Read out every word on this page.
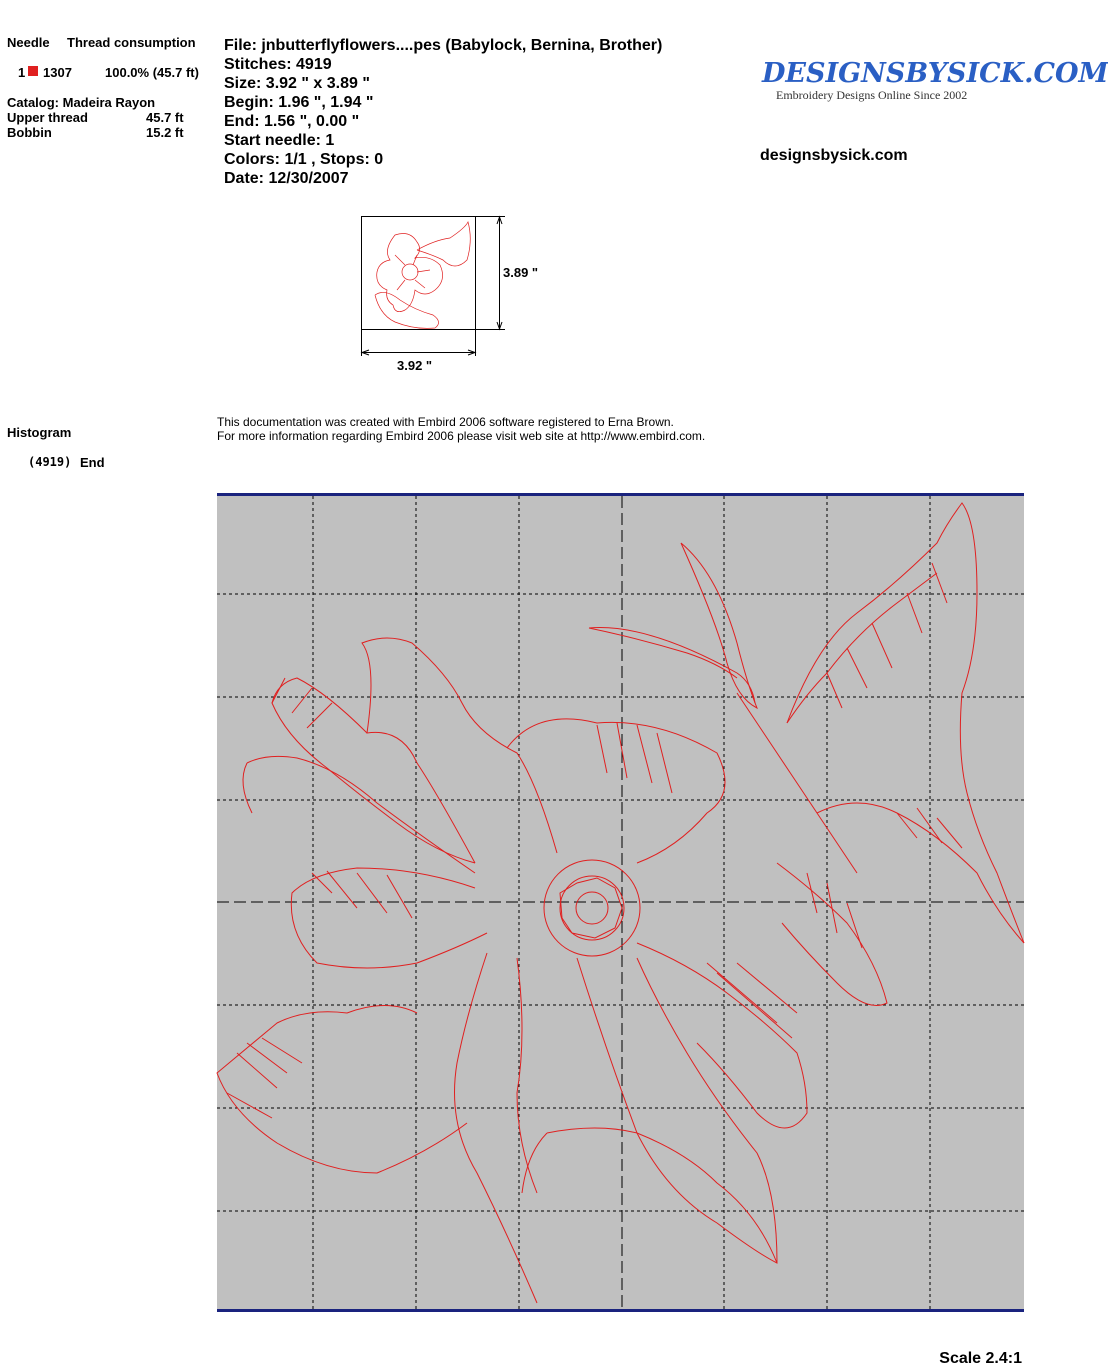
Needle Thread consumption
1 1307	100.0% (45.7 ft)
Catalog: Madeira Rayon
Upper thread	45.7 ft
Bobbin	15.2 ft
File: jnbutterflyflowers....pes (Babylock, Bernina, Brother)
Stitches: 4919
Size: 3.92 " x 3.89 "
Begin: 1.96 ", 1.94 "
End: 1.56 ", 0.00 "
Start needle: 1
Colors: 1/1 , Stops: 0
Date: 12/30/2007
DESIGNSBYSICK.COM
Embroidery Designs Online Since 2002
designsbysick.com
3.89 "
3.92 "
Histogram
(4919) End
This documentation was created with Embird 2006 software registered to Erna Brown.
For more information regarding Embird 2006 please visit web site at http://www.embird.com.
Scale 2.4:1
